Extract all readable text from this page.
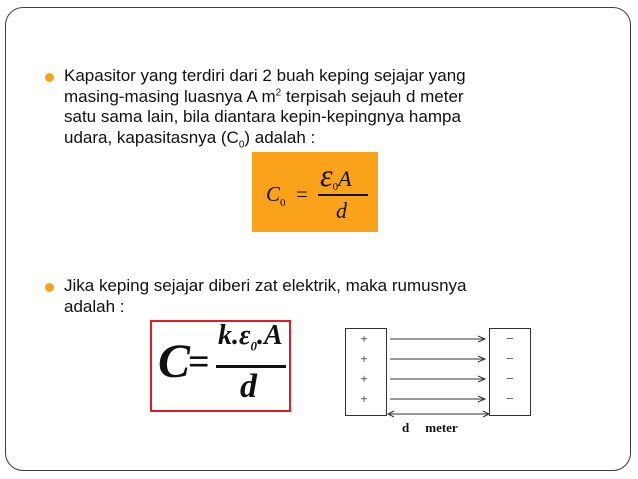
Kapasitor yang terdiri dari 2 buah keping sejajar yang
masing-masing luasnya A $m^2$ terpisah sejauh d meter
satu sama lain, bila diantara kepin-kepingnya hampa
udara, kapasitasnya $(C_0)$ adalah :
$C_0$ =
$\varepsilon_0A$
d
Jika keping sejajar diberi zat elektrik, maka rumusnya
adalah :
C
=
$k.\varepsilon_0.A$
d
+
+
+
+
−
−
−
−
d meter
